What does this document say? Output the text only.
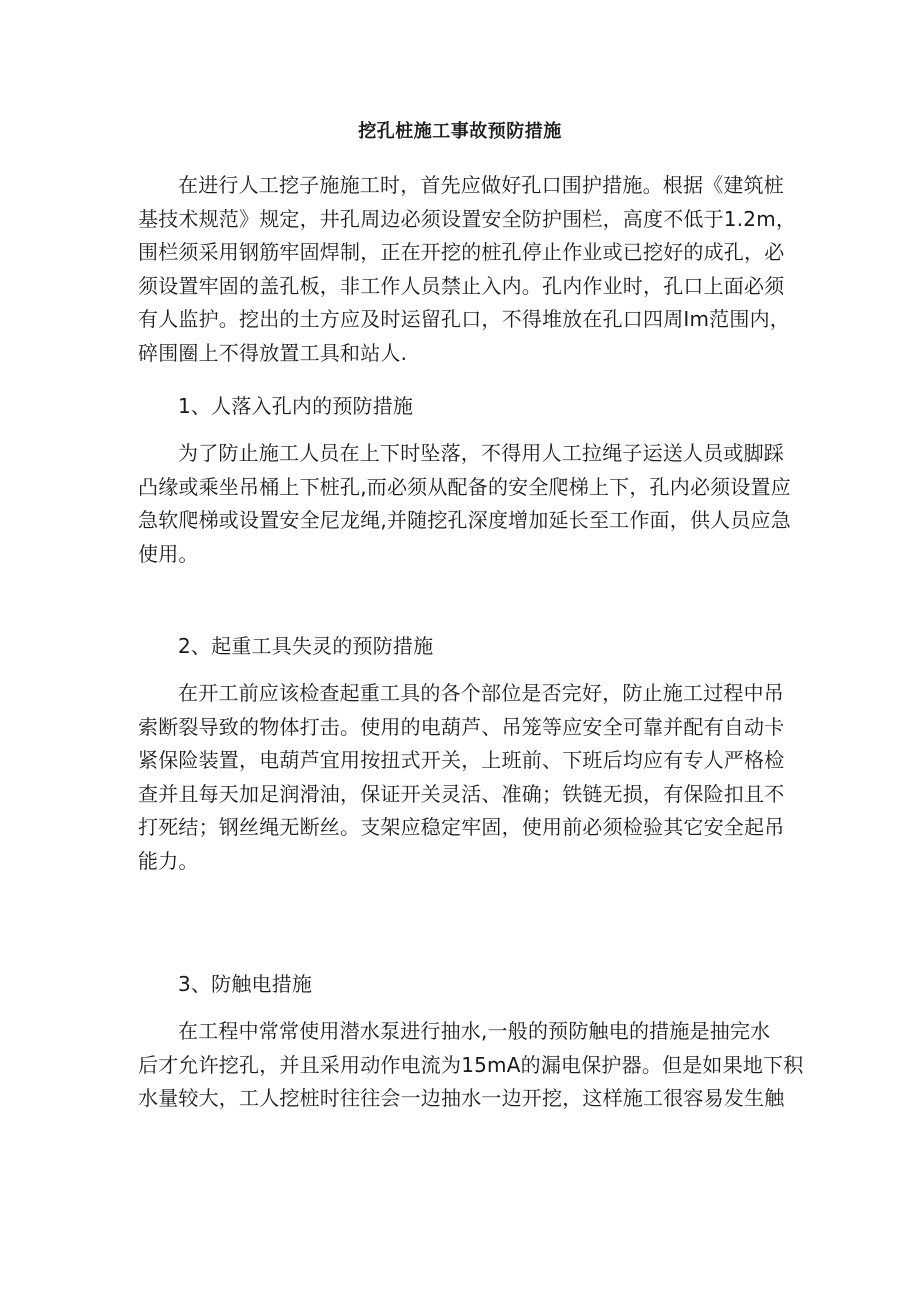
挖孔桩施工事故预防措施
在进行人工挖子施施工时，首先应做好孔口围护措施。根据《建筑桩
基技术规范》规定，井孔周边必须设置安全防护围栏，高度不低于1.2m，
围栏须采用钢筋牢固焊制，正在开挖的桩孔停止作业或已挖好的成孔，必
须设置牢固的盖孔板，非工作人员禁止入内。孔内作业时，孔口上面必须
有人监护。挖出的土方应及时运留孔口，不得堆放在孔口四周Im范围内，
碎围圈上不得放置工具和站人.
1、人落入孔内的预防措施
为了防止施工人员在上下时坠落，不得用人工拉绳子运送人员或脚踩
凸缘或乘坐吊桶上下桩孔,而必须从配备的安全爬梯上下，孔内必须设置应
急软爬梯或设置安全尼龙绳,并随挖孔深度增加延长至工作面，供人员应急
使用。
2、起重工具失灵的预防措施
在开工前应该检查起重工具的各个部位是否完好，防止施工过程中吊
索断裂导致的物体打击。使用的电葫芦、吊笼等应安全可靠并配有自动卡
紧保险装置，电葫芦宜用按扭式开关，上班前、下班后均应有专人严格检
查并且每天加足润滑油，保证开关灵活、准确；铁链无损，有保险扣且不
打死结；钢丝绳无断丝。支架应稳定牢固，使用前必须检验其它安全起吊
能力。
3、防触电措施
在工程中常常使用潜水泵进行抽水,一般的预防触电的措施是抽完水
后才允许挖孔，并且采用动作电流为15mA的漏电保护器。但是如果地下积
水量较大，工人挖桩时往往会一边抽水一边开挖，这样施工很容易发生触
